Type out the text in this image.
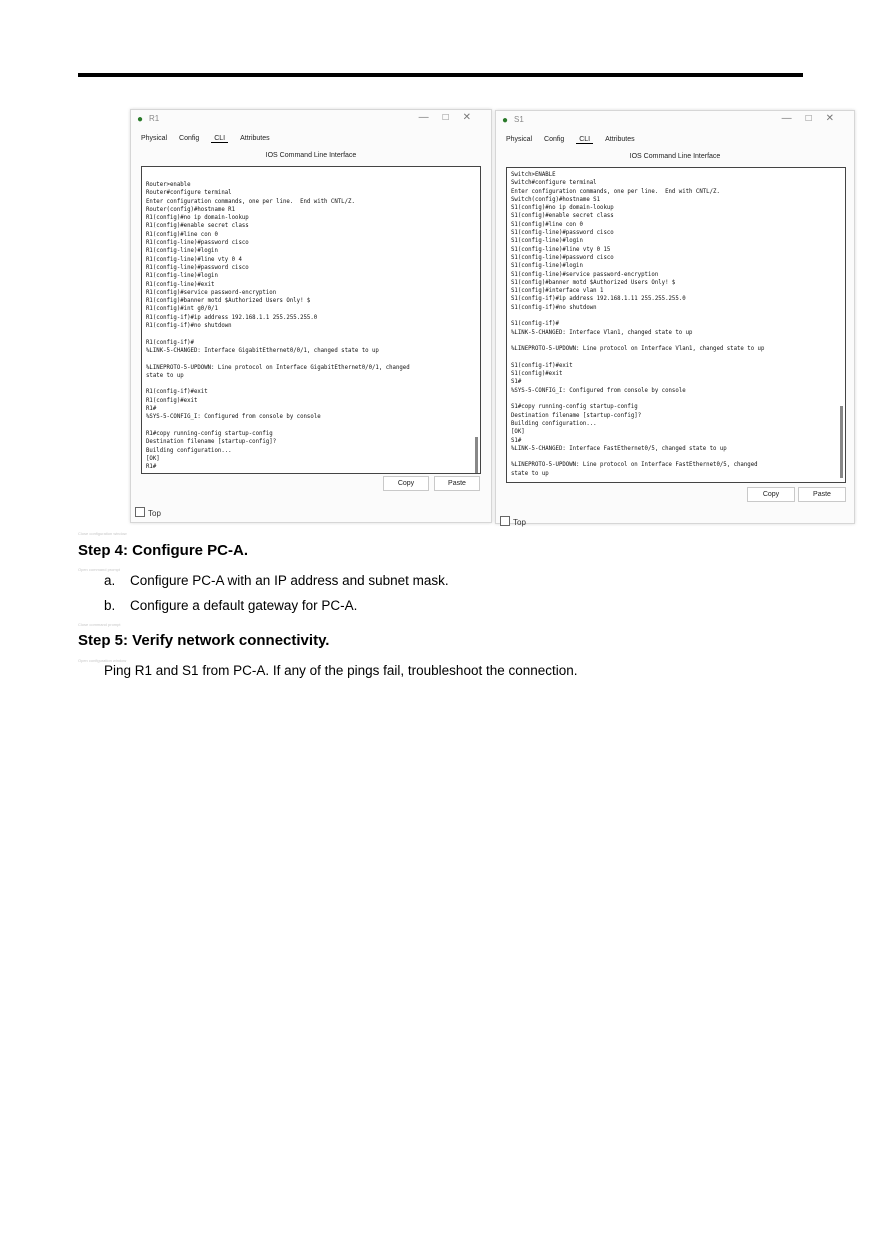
● R1	—□✕
Physical Config CLI Attributes
IOS Command Line Interface
Router>enable
Router#configure terminal
Enter configuration commands, one per line.  End with CNTL/Z.
Router(config)#hostname R1
R1(config)#no ip domain-lookup
R1(config)#enable secret class
R1(config)#line con 0
R1(config-line)#password cisco
R1(config-line)#login
R1(config-line)#line vty 0 4
R1(config-line)#password cisco
R1(config-line)#login
R1(config-line)#exit
R1(config)#service password-encryption
R1(config)#banner motd $Authorized Users Only! $
R1(config)#int g0/0/1
R1(config-if)#ip address 192.168.1.1 255.255.255.0
R1(config-if)#no shutdown

R1(config-if)#
%LINK-5-CHANGED: Interface GigabitEthernet0/0/1, changed state to up

%LINEPROTO-5-UPDOWN: Line protocol on Interface GigabitEthernet0/0/1, changed
state to up

R1(config-if)#exit
R1(config)#exit
R1#
%SYS-5-CONFIG_I: Configured from console by console

R1#copy running-config startup-config
Destination filename [startup-config]?
Building configuration...
[OK]
R1#
Copy	Paste
Top
● S1	—□✕
Physical Config CLI Attributes
IOS Command Line Interface
Switch>ENABLE
Switch#configure terminal
Enter configuration commands, one per line.  End with CNTL/Z.
Switch(config)#hostname S1
S1(config)#no ip domain-lookup
S1(config)#enable secret class
S1(config)#line con 0
S1(config-line)#password cisco
S1(config-line)#login
S1(config-line)#line vty 0 15
S1(config-line)#password cisco
S1(config-line)#login
S1(config-line)#service password-encryption
S1(config)#banner motd $Authorized Users Only! $
S1(config)#interface vlan 1
S1(config-if)#ip address 192.168.1.11 255.255.255.0
S1(config-if)#no shutdown

S1(config-if)#
%LINK-5-CHANGED: Interface Vlan1, changed state to up

%LINEPROTO-5-UPDOWN: Line protocol on Interface Vlan1, changed state to up

S1(config-if)#exit
S1(config)#exit
S1#
%SYS-5-CONFIG_I: Configured from console by console

S1#copy running-config startup-config
Destination filename [startup-config]?
Building configuration...
[OK]
S1#
%LINK-5-CHANGED: Interface FastEthernet0/5, changed state to up

%LINEPROTO-5-UPDOWN: Line protocol on Interface FastEthernet0/5, changed
state to up
Copy	Paste
Top
Close configuration window
Step 4: Configure PC-A.
Open command prompt
a. Configure PC-A with an IP address and subnet mask.
b. Configure a default gateway for PC-A.
Close command prompt
Step 5: Verify network connectivity.
Open configuration window
Ping R1 and S1 from PC-A. If any of the pings fail, troubleshoot the connection.
